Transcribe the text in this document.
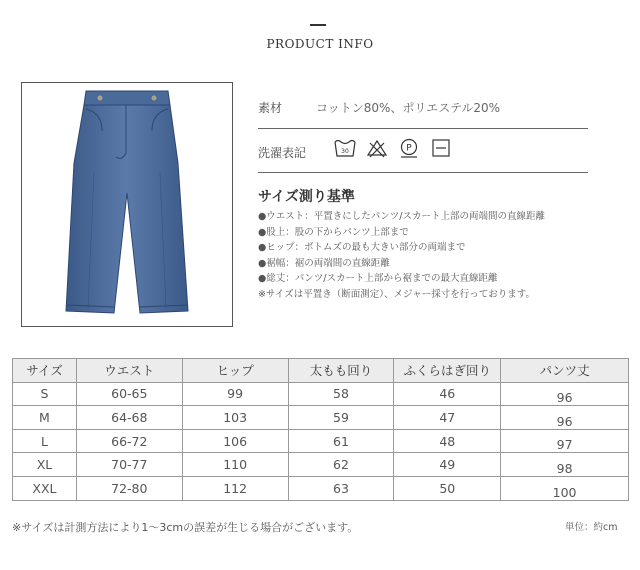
PRODUCT INFO
素材	コットン80%、ポリエステル20%
洗濯表記	30	P
サイズ測り基準
●ウエスト：平置きにしたパンツ/スカート上部の両端間の直線距離
●股上：股の下からパンツ上部まで
●ヒップ：ボトムズの最も大きい部分の両端まで
●裾幅：裾の両端間の直線距離
●総丈：パンツ/スカート上部から裾までの最大直線距離
※サイズは平置き（断面測定）、メジャー採寸を行っております。
サイズ	ウエスト	ヒップ	太もも回り	ふくらはぎ回り	パンツ丈
S	60-65	99	58	46	96
M	64-68	103	59	47	96
L	66-72	106	61	48	97
XL	70-77	110	62	49	98
XXL	72-80	112	63	50	100
※サイズは計測方法により1〜3cmの誤差が生じる場合がございます。	単位：約cm
